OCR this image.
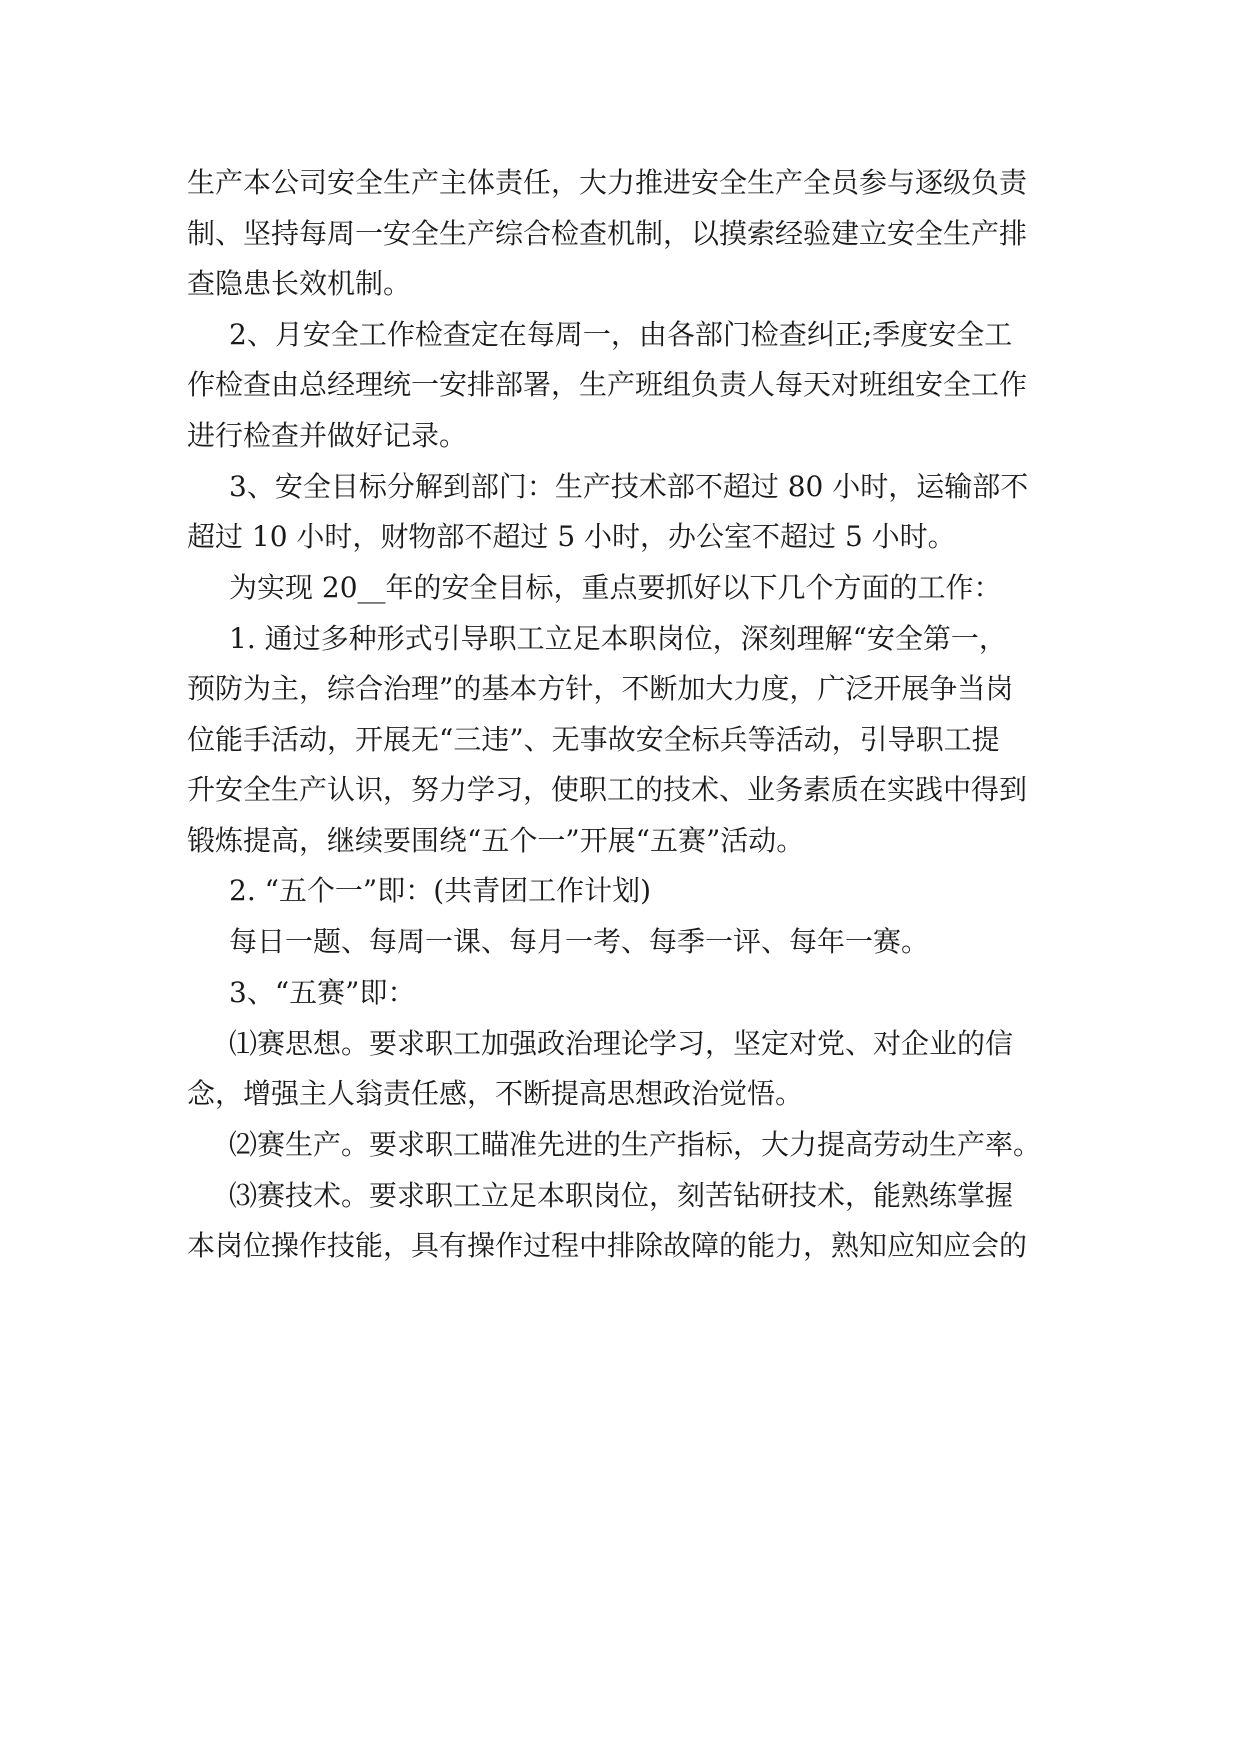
生产本公司安全生产主体责任，大力推进安全生产全员参与逐级负责
制、坚持每周一安全生产综合检查机制，以摸索经验建立安全生产排
查隐患长效机制。
2、月安全工作检查定在每周一，由各部门检查纠正;季度安全工
作检查由总经理统一安排部署，生产班组负责人每天对班组安全工作
进行检查并做好记录。
3、安全目标分解到部门：生产技术部不超过 80 小时，运输部不
超过 10 小时，财物部不超过 5 小时，办公室不超过 5 小时。
为实现 20__年的安全目标，重点要抓好以下几个方面的工作：
1. 通过多种形式引导职工立足本职岗位，深刻理解“安全第一，
预防为主，综合治理”的基本方针，不断加大力度，广泛开展争当岗
位能手活动，开展无“三违”、无事故安全标兵等活动，引导职工提
升安全生产认识，努力学习，使职工的技术、业务素质在实践中得到
锻炼提高，继续要围绕“五个一”开展“五赛”活动。
2. “五个一”即：(共青团工作计划)
每日一题、每周一课、每月一考、每季一评、每年一赛。
3、“五赛”即：
⑴赛思想。要求职工加强政治理论学习，坚定对党、对企业的信
念，增强主人翁责任感，不断提高思想政治觉悟。
⑵赛生产。要求职工瞄准先进的生产指标，大力提高劳动生产率。
⑶赛技术。要求职工立足本职岗位，刻苦钻研技术，能熟练掌握
本岗位操作技能，具有操作过程中排除故障的能力，熟知应知应会的
